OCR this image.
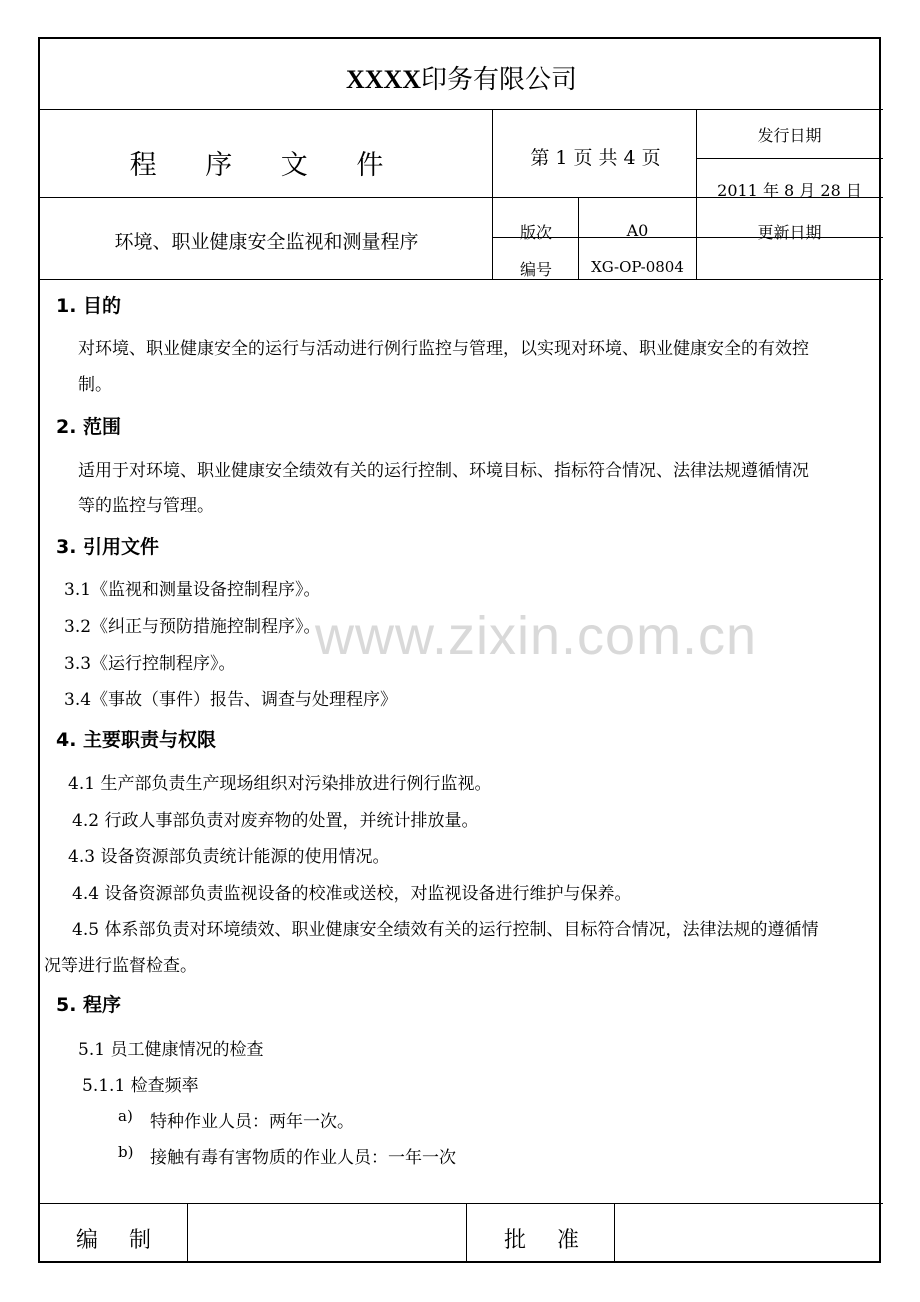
XXXX印务有限公司
程 序 文 件	第 1 页 共 4 页
发行日期
2011 年 8 月 28 日
环境、职业健康安全监视和测量程序	版次	A0	更新日期
编号	XG-OP-0804
1. 目的
对环境、职业健康安全的运行与活动进行例行监控与管理，以实现对环境、职业健康安全的有效控
制。
2. 范围
适用于对环境、职业健康安全绩效有关的运行控制、环境目标、指标符合情况、法律法规遵循情况
等的监控与管理。
3. 引用文件
3.1《监视和测量设备控制程序》。
3.2《纠正与预防措施控制程序》。
3.3《运行控制程序》。
3.4《事故（事件）报告、调查与处理程序》
4. 主要职责与权限
4.1 生产部负责生产现场组织对污染排放进行例行监视。
4.2 行政人事部负责对废弃物的处置，并统计排放量。
4.3 设备资源部负责统计能源的使用情况。
4.4 设备资源部负责监视设备的校准或送校，对监视设备进行维护与保养。
4.5 体系部负责对环境绩效、职业健康安全绩效有关的运行控制、目标符合情况，法律法规的遵循情
况等进行监督检查。
5. 程序
5.1 员工健康情况的检查
5.1.1 检查频率
a) 特种作业人员：两年一次。
b) 接触有毒有害物质的作业人员：一年一次
编 制	批 准
www.zixin.com.cn
